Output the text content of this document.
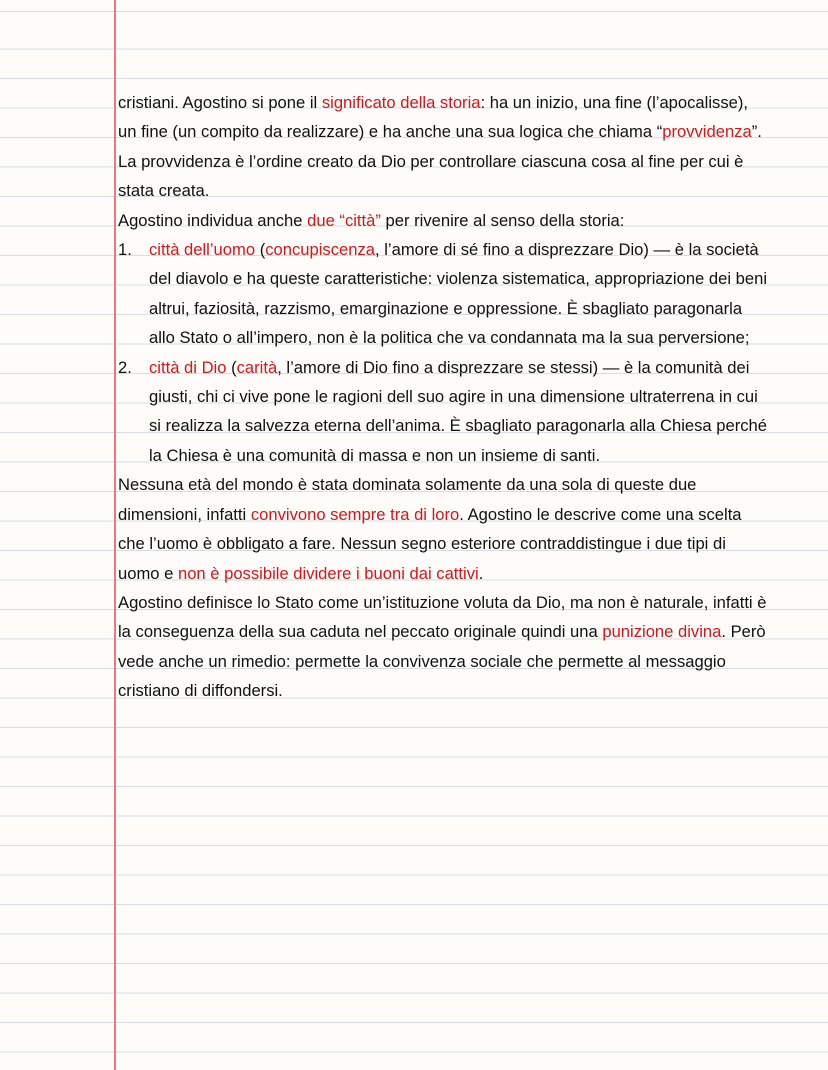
cristiani. Agostino si pone il significato della storia: ha un inizio, una fine (l’apocalisse), un fine (un compito da realizzare) e ha anche una sua logica che chiama “provvidenza”. La provvidenza è l’ordine creato da Dio per controllare ciascuna cosa al fine per cui è stata creata.

Agostino individua anche due “città” per rivenire al senso della storia:

1.	città dell’uomo (concupiscenza, l’amore di sé fino a disprezzare Dio) — è la società del diavolo e ha queste caratteristiche: violenza sistematica, appropriazione dei beni altrui, faziosità, razzismo, emarginazione e oppressione. È sbagliato paragonarla allo Stato o all’impero, non è la politica che va condannata ma la sua perversione;
2.	città di Dio (carità, l’amore di Dio fino a disprezzare se stessi) — è la comunità dei giusti, chi ci vive pone le ragioni dell suo agire in una dimensione ultraterrena in cui si realizza la salvezza eterna dell’anima. È sbagliato paragonarla alla Chiesa perché la Chiesa è una comunità di massa e non un insieme di santi.

Nessuna età del mondo è stata dominata solamente da una sola di queste due dimensioni, infatti convivono sempre tra di loro. Agostino le descrive come una scelta che l’uomo è obbligato a fare. Nessun segno esteriore contraddistingue i due tipi di uomo e non è possibile dividere i buoni dai cattivi.

Agostino definisce lo Stato come un’istituzione voluta da Dio, ma non è naturale, infatti è la conseguenza della sua caduta nel peccato originale quindi una punizione divina. Però vede anche un rimedio: permette la convivenza sociale che permette al messaggio cristiano di diffondersi.
